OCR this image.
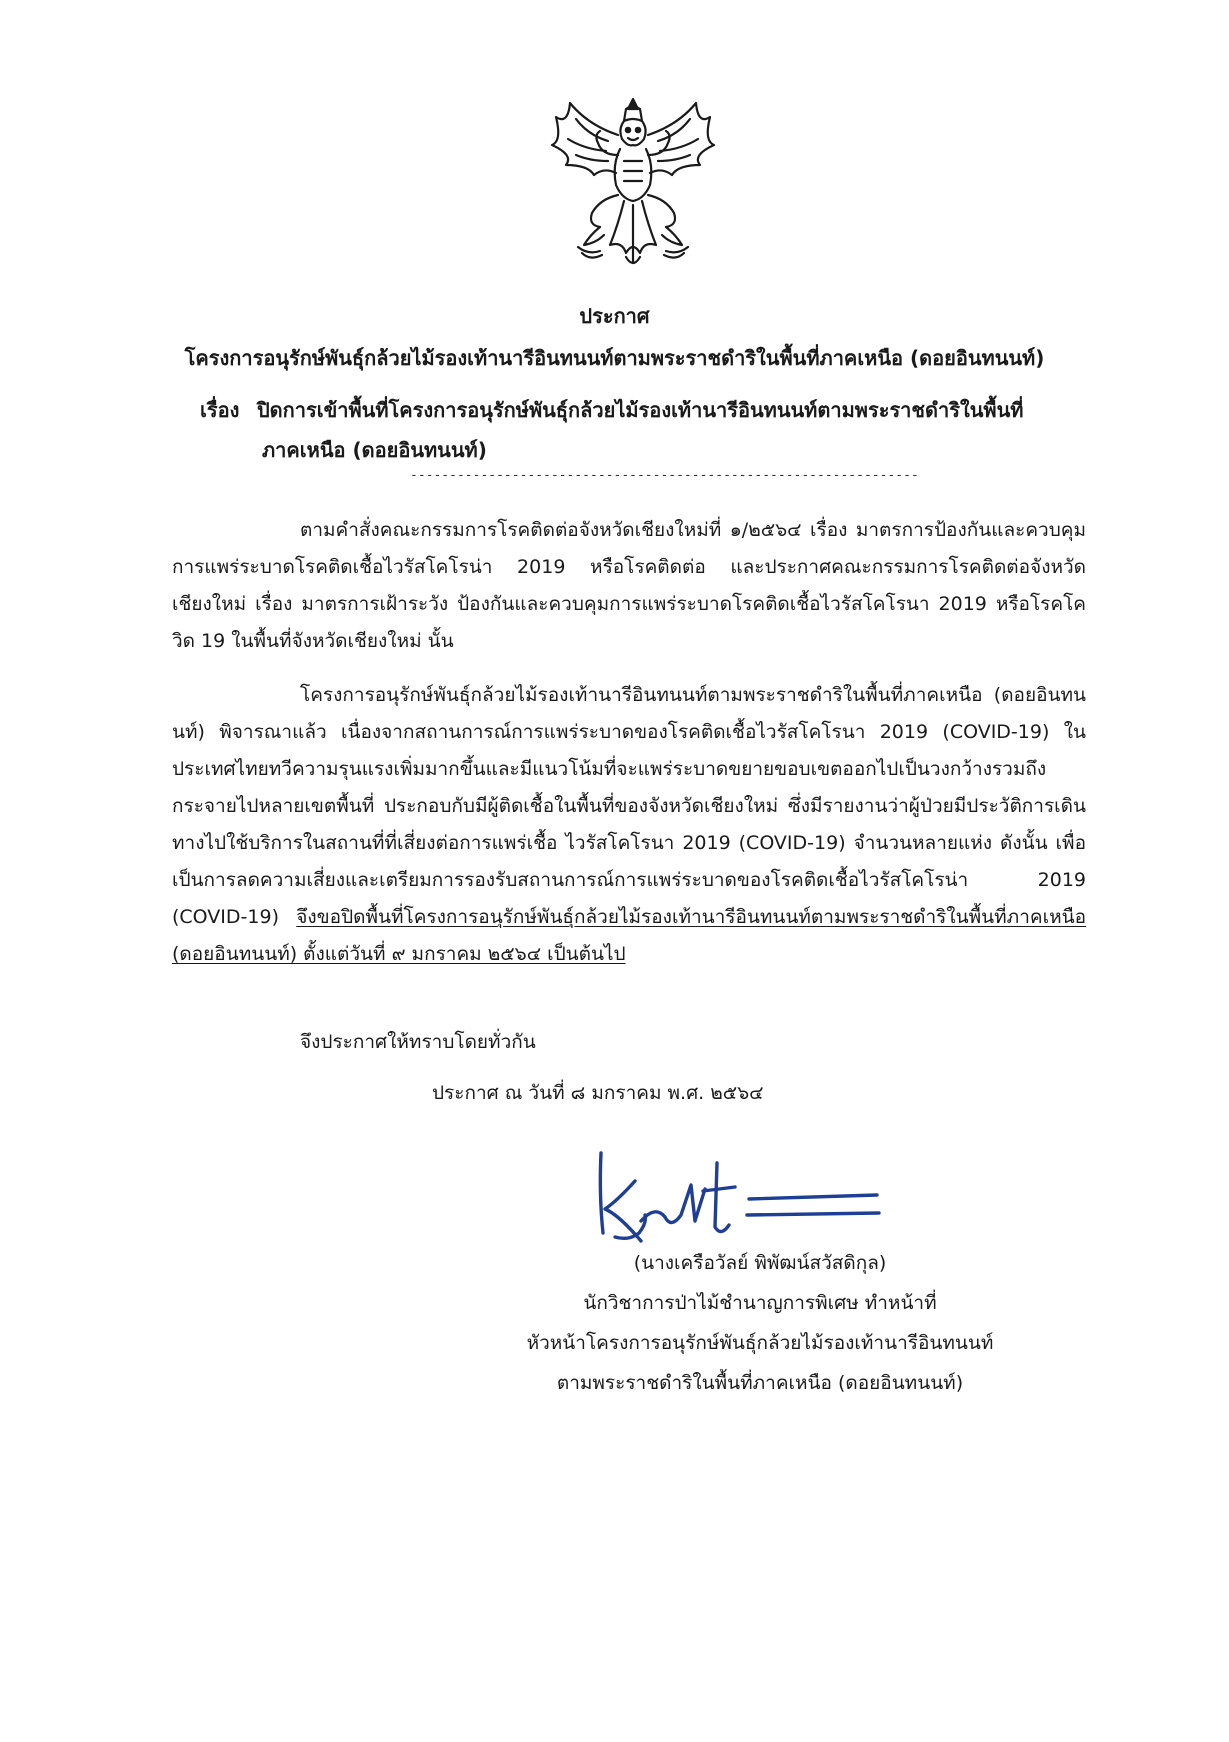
ประกาศ
โครงการอนุรักษ์พันธุ์กล้วยไม้รองเท้านารีอินทนนท์ตามพระราชดำริในพื้นที่ภาคเหนือ (ดอยอินทนนท์)
เรื่อง ปิดการเข้าพื้นที่โครงการอนุรักษ์พันธุ์กล้วยไม้รองเท้านารีอินทนนท์ตามพระราชดำริในพื้นที่
ภาคเหนือ (ดอยอินทนนท์)
-----------------------------------------------------------------
ตามคำสั่งคณะกรรมการโรคติดต่อจังหวัดเชียงใหม่ที่ ๑/๒๕๖๔ เรื่อง มาตรการป้องกันและควบคุมการแพร่ระบาดโรคติดเชื้อไวรัสโคโรน่า 2019 หรือโรคติดต่อ และประกาศคณะกรรมการโรคติดต่อจังหวัดเชียงใหม่ เรื่อง มาตรการเฝ้าระวัง ป้องกันและควบคุมการแพร่ระบาดโรคติดเชื้อไวรัสโคโรนา 2019 หรือโรคโควิด 19 ในพื้นที่จังหวัดเชียงใหม่ นั้น
โครงการอนุรักษ์พันธุ์กล้วยไม้รองเท้านารีอินทนนท์ตามพระราชดำริในพื้นที่ภาคเหนือ (ดอยอินทนนท์) พิจารณาแล้ว เนื่องจากสถานการณ์การแพร่ระบาดของโรคติดเชื้อไวรัสโคโรนา 2019 (COVID-19) ในประเทศไทยทวีความรุนแรงเพิ่มมากขึ้นและมีแนวโน้มที่จะแพร่ระบาดขยายขอบเขตออกไปเป็นวงกว้างรวมถึงกระจายไปหลายเขตพื้นที่ ประกอบกับมีผู้ติดเชื้อในพื้นที่ของจังหวัดเชียงใหม่ ซึ่งมีรายงานว่าผู้ป่วยมีประวัติการเดินทางไปใช้บริการในสถานที่ที่เสี่ยงต่อการแพร่เชื้อ ไวรัสโคโรนา 2019 (COVID-19) จำนวนหลายแห่ง ดังนั้น เพื่อเป็นการลดความเสี่ยงและเตรียมการรองรับสถานการณ์การแพร่ระบาดของโรคติดเชื้อไวรัสโคโรน่า 2019 (COVID-19) จึงขอปิดพื้นที่โครงการอนุรักษ์พันธุ์กล้วยไม้รองเท้านารีอินทนนท์ตามพระราชดำริในพื้นที่ภาคเหนือ (ดอยอินทนนท์) ตั้งแต่วันที่ ๙ มกราคม ๒๕๖๔ เป็นต้นไป
จึงประกาศให้ทราบโดยทั่วกัน
ประกาศ ณ วันที่ ๘ มกราคม พ.ศ. ๒๕๖๔
(นางเครือวัลย์ พิพัฒน์สวัสดิกุล)
นักวิชาการป่าไม้ชำนาญการพิเศษ ทำหน้าที่
หัวหน้าโครงการอนุรักษ์พันธุ์กล้วยไม้รองเท้านารีอินทนนท์
ตามพระราชดำริในพื้นที่ภาคเหนือ (ดอยอินทนนท์)
